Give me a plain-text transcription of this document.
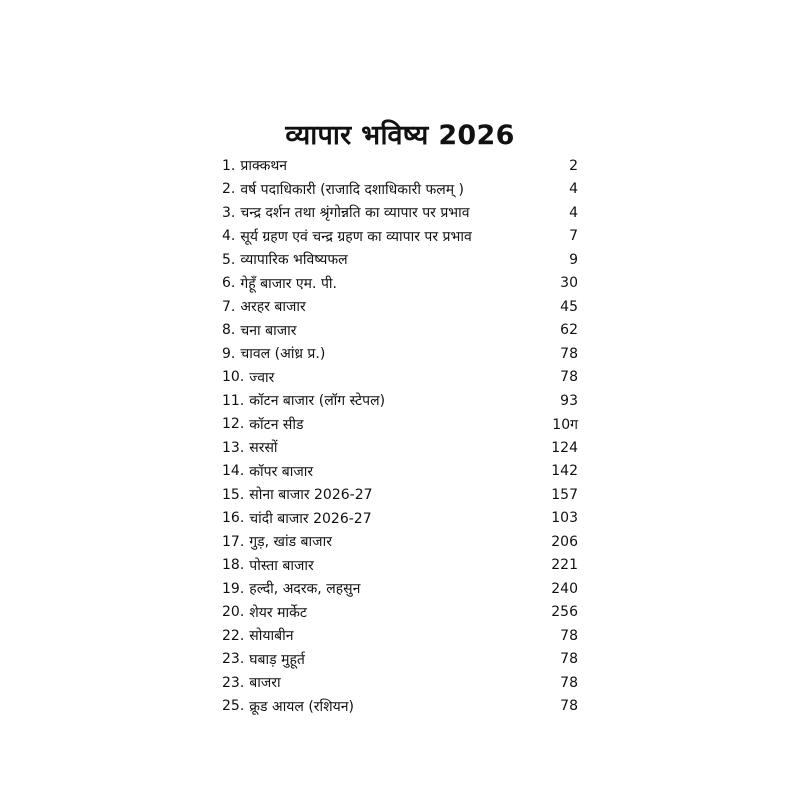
व्यापार भविष्य 2026
1. प्राक्कथन	2
2. वर्ष पदाधिकारी (राजादि दशाधिकारी फलम् )	4
3. चन्द्र दर्शन तथा श्रृंगोन्नति का व्यापार पर प्रभाव	4
4. सूर्य ग्रहण एवं चन्द्र ग्रहण का व्यापार पर प्रभाव	7
5. व्यापारिक भविष्यफल	9
6. गेहूँ बाजार एम. पी.	30
7. अरहर बाजार	45
8. चना बाजार	62
9. चावल (आंध्र प्र.)	78
10. ज्वार	78
11. कॉटन बाजार (लॉग स्टेपल)	93
12. कॉटन सीड	10ग
13. सरसों	124
14. कॉपर बाजार	142
15. सोना बाजार 2026-27	157
16. चांदी बाजार 2026-27	103
17. गुड़, खांड बाजार	206
18. पोस्ता बाजार	221
19. हल्दी, अदरक, लहसुन	240
20. शेयर मार्केट	256
22. सोयाबीन	78
23. घबाड़ मुहूर्त	78
23. बाजरा	78
25. क्रूड आयल (रशियन)	78
